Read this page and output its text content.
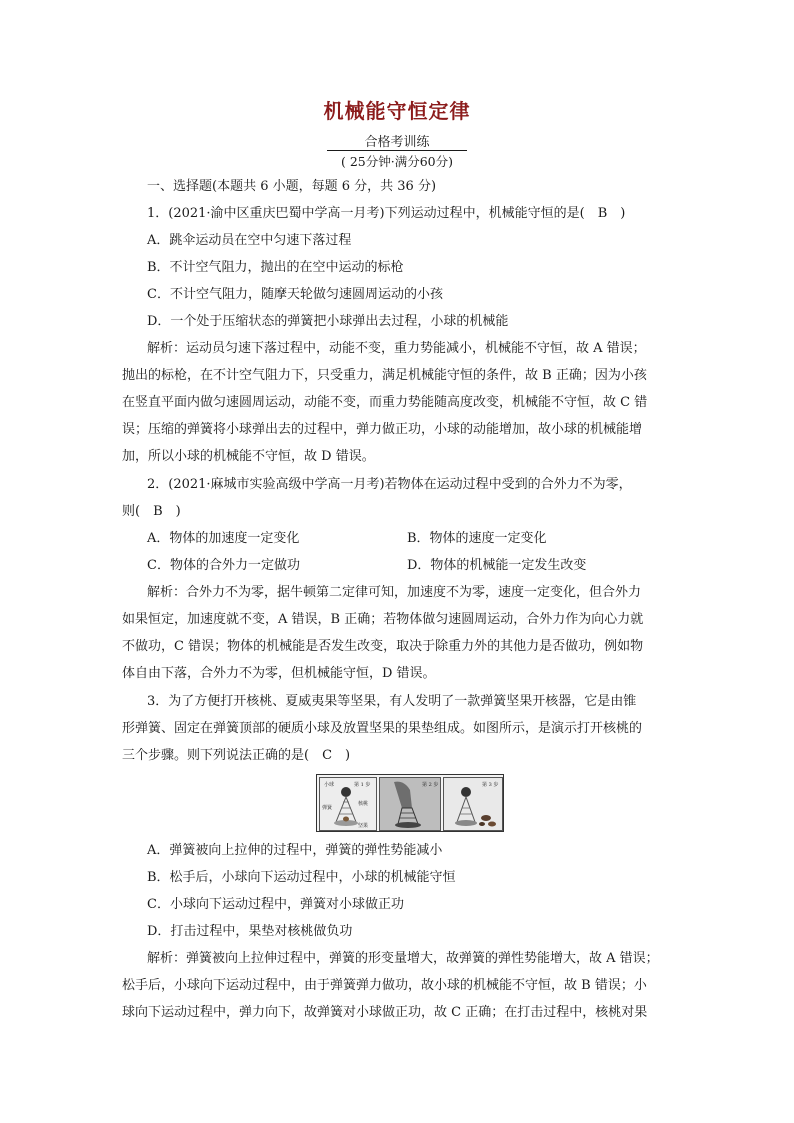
机械能守恒定律
合格考训练
( 25分钟·满分60分)
一、选择题(本题共 6 小题，每题 6 分，共 36 分)
1．(2021·渝中区重庆巴蜀中学高一月考)下列运动过程中，机械能守恒的是(　B　)
A．跳伞运动员在空中匀速下落过程
B．不计空气阻力，抛出的在空中运动的标枪
C．不计空气阻力，随摩天轮做匀速圆周运动的小孩
D．一个处于压缩状态的弹簧把小球弹出去过程，小球的机械能
解析：运动员匀速下落过程中，动能不变，重力势能减小，机械能不守恒，故 A 错误；
抛出的标枪，在不计空气阻力下，只受重力，满足机械能守恒的条件，故 B 正确；因为小孩
在竖直平面内做匀速圆周运动，动能不变，而重力势能随高度改变，机械能不守恒，故 C 错
误；压缩的弹簧将小球弹出去的过程中，弹力做正功，小球的动能增加，故小球的机械能增
加，所以小球的机械能不守恒，故 D 错误。
2．(2021·麻城市实验高级中学高一月考)若物体在运动过程中受到的合外力不为零，
则(　B　)
A．物体的加速度一定变化	B．物体的速度一定变化
C．物体的合外力一定做功	D．物体的机械能一定发生改变
解析：合外力不为零，据牛顿第二定律可知，加速度不为零，速度一定变化，但合外力
如果恒定，加速度就不变，A 错误，B 正确；若物体做匀速圆周运动，合外力作为向心力就
不做功，C 错误；物体的机械能是否发生改变，取决于除重力外的其他力是否做功，例如物
体自由下落，合外力不为零，但机械能守恒，D 错误。
3．为了方便打开核桃、夏威夷果等坚果，有人发明了一款弹簧坚果开核器，它是由锥
形弹簧、固定在弹簧顶部的硬质小球及放置坚果的果垫组成。如图所示，是演示打开核桃的
三个步骤。则下列说法正确的是(　C　)
小球	第 1 步
核桃
弹簧
坚果
第 2 步	第 3 步
A．弹簧被向上拉伸的过程中，弹簧的弹性势能减小
B．松手后，小球向下运动过程中，小球的机械能守恒
C．小球向下运动过程中，弹簧对小球做正功
D．打击过程中，果垫对核桃做负功
解析：弹簧被向上拉伸过程中，弹簧的形变量增大，故弹簧的弹性势能增大，故 A 错误；
松手后，小球向下运动过程中，由于弹簧弹力做功，故小球的机械能不守恒，故 B 错误；小
球向下运动过程中，弹力向下，故弹簧对小球做正功，故 C 正确；在打击过程中，核桃对果
